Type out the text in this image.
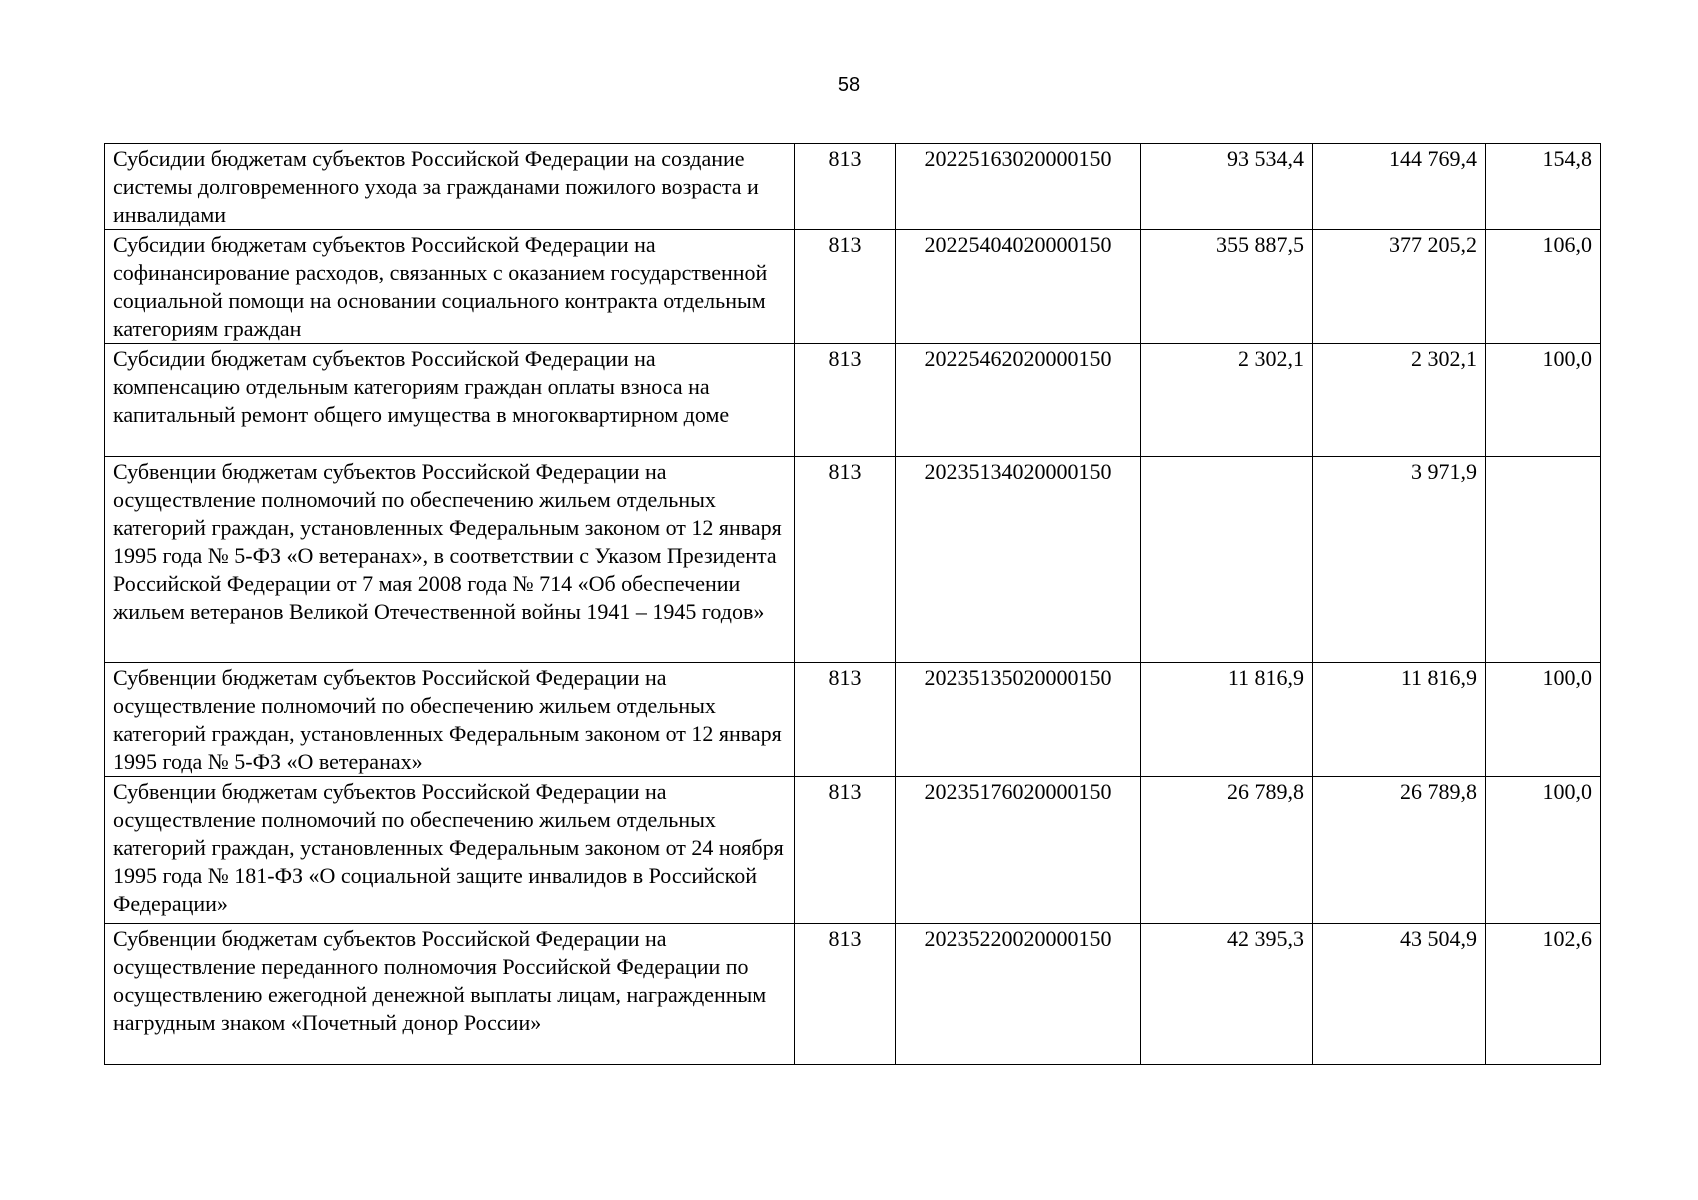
58
Субсидии бюджетам субъектов Российской Федерации на создание системы долговременного ухода за гражданами пожилого возраста и инвалидами	813	20225163020000150	93 534,4	144 769,4	154,8
Субсидии бюджетам субъектов Российской Федерации на софинансирование расходов, связанных с оказанием государственной социальной помощи на основании социального контракта отдельным категориям граждан	813	20225404020000150	355 887,5	377 205,2	106,0
Субсидии бюджетам субъектов Российской Федерации на компенсацию отдельным категориям граждан оплаты взноса на капитальный ремонт общего имущества в многоквартирном доме	813	20225462020000150	2 302,1	2 302,1	100,0
Субвенции бюджетам субъектов Российской Федерации на осуществление полномочий по обеспечению жильем отдельных категорий граждан, установленных Федеральным законом от 12 января 1995 года № 5-ФЗ «О ветеранах», в соответствии с Указом Президента Российской Федерации от 7 мая 2008 года № 714 «Об обеспечении жильем ветеранов Великой Отечественной войны 1941 – 1945 годов»	813	20235134020000150		3 971,9	
Субвенции бюджетам субъектов Российской Федерации на осуществление полномочий по обеспечению жильем отдельных категорий граждан, установленных Федеральным законом от 12 января 1995 года № 5-ФЗ «О ветеранах»	813	20235135020000150	11 816,9	11 816,9	100,0
Субвенции бюджетам субъектов Российской Федерации на осуществление полномочий по обеспечению жильем отдельных категорий граждан, установленных Федеральным законом от 24 ноября 1995 года № 181-ФЗ «О социальной защите инвалидов в Российской Федерации»	813	20235176020000150	26 789,8	26 789,8	100,0
Субвенции бюджетам субъектов Российской Федерации на осуществление переданного полномочия Российской Федерации по осуществлению ежегодной денежной выплаты лицам, награжденным нагрудным знаком «Почетный донор России»	813	20235220020000150	42 395,3	43 504,9	102,6
